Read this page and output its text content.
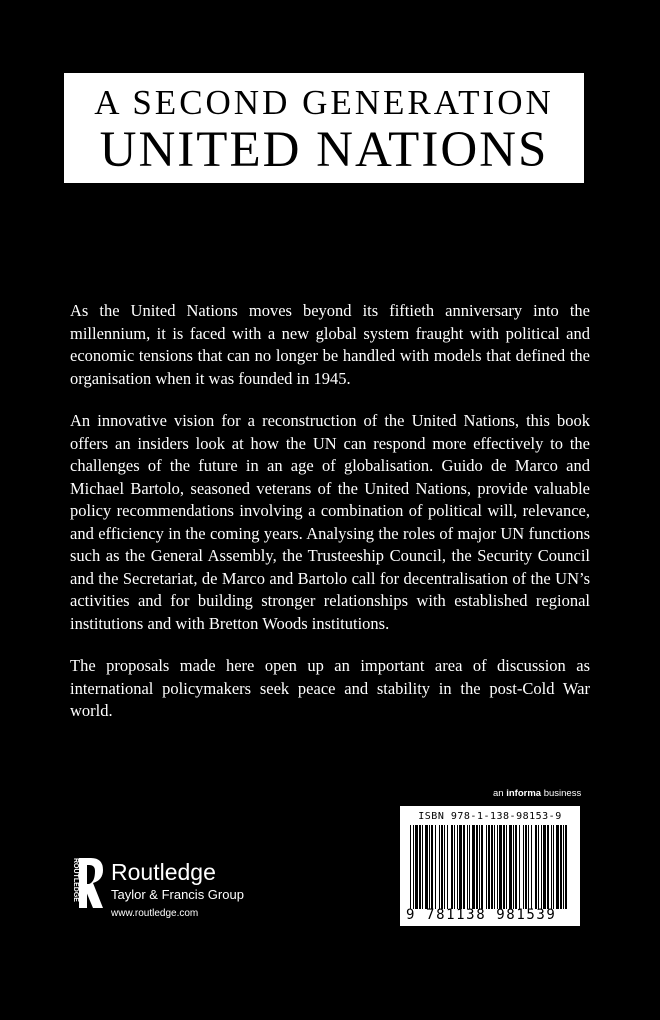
A SECOND GENERATION
UNITED NATIONS

As the United Nations moves beyond its fiftieth anniversary into the millennium, it is faced with a new global system fraught with political and economic tensions that can no longer be handled with models that defined the organisation when it was founded in 1945.

An innovative vision for a reconstruction of the United Nations, this book offers an insiders look at how the UN can respond more effectively to the challenges of the future in an age of globalisation. Guido de Marco and Michael Bartolo, seasoned veterans of the United Nations, provide valuable policy recommendations involving a combination of political will, relevance, and efficiency in the coming years. Analysing the roles of major UN functions such as the General Assembly, the Trusteeship Council, the Security Council and the Secretariat, de Marco and Bartolo call for decentralisation of the UN’s activities and for building stronger relationships with established regional institutions and with Bretton Woods institutions.

The proposals made here open up an important area of discussion as international policymakers seek peace and stability in the post-Cold War world.

an informa business
ISBN 978-1-138-98153-9
9 781138 981539
ROUTLEDGE Routledge
Taylor & Francis Group
www.routledge.com
